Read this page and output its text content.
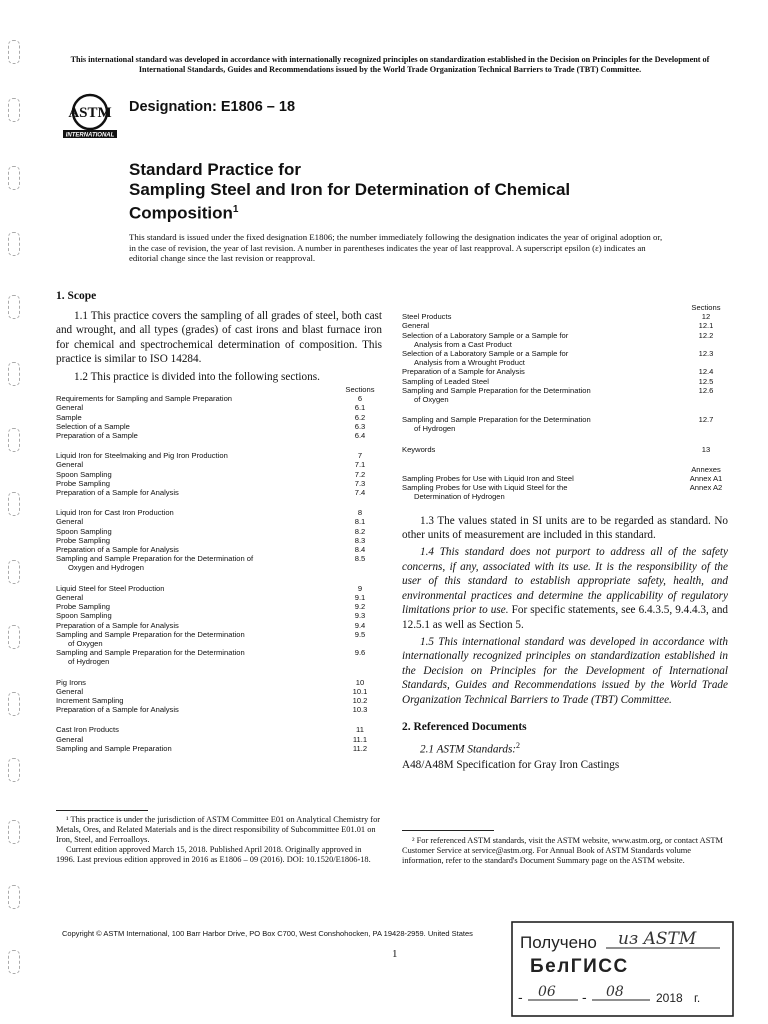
This international standard was developed in accordance with internationally recognized principles on standardization established in the Decision on Principles for the Development of International Standards, Guides and Recommendations issued by the World Trade Organization Technical Barriers to Trade (TBT) Committee.
ASTM
INTERNATIONAL
Designation: E1806 – 18
Standard Practice for
Sampling Steel and Iron for Determination of Chemical
Composition$^1$
This standard is issued under the fixed designation E1806; the number immediately following the designation indicates the year of original adoption or, in the case of revision, the year of last revision. A number in parentheses indicates the year of last reapproval. A superscript epsilon (ε) indicates an editorial change since the last revision or reapproval.
1. Scope

1.1 This practice covers the sampling of all grades of steel, both cast and wrought, and all types (grades) of cast irons and blast furnace iron for chemical and spectrochemical determination of composition. This practice is similar to ISO 14284.

1.2 This practice is divided into the following sections.

Sections
Requirements for Sampling and Sample Preparation	6
General	6.1
Sample	6.2
Selection of a Sample	6.3
Preparation of a Sample	6.4
Liquid Iron for Steelmaking and Pig Iron Production	7
General	7.1
Spoon Sampling	7.2
Probe Sampling	7.3
Preparation of a Sample for Analysis	7.4
Liquid Iron for Cast Iron Production	8
General	8.1
Spoon Sampling	8.2
Probe Sampling	8.3
Preparation of a Sample for Analysis	8.4
Sampling and Sample Preparation for the Determination of	8.5
Oxygen and Hydrogen
Liquid Steel for Steel Production	9
General	9.1
Probe Sampling	9.2
Spoon Sampling	9.3
Preparation of a Sample for Analysis	9.4
Sampling and Sample Preparation for the Determination	9.5
of Oxygen
Sampling and Sample Preparation for the Determination	9.6
of Hydrogen
Pig Irons	10
General	10.1
Increment Sampling	10.2
Preparation of a Sample for Analysis	10.3
Cast Iron Products	11
General	11.1
Sampling and Sample Preparation	11.2
¹ This practice is under the jurisdiction of ASTM Committee E01 on Analytical Chemistry for Metals, Ores, and Related Materials and is the direct responsibility of Subcommittee E01.01 on Iron, Steel, and Ferroalloys.
Current edition approved March 15, 2018. Published April 2018. Originally approved in 1996. Last previous edition approved in 2016 as E1806 – 09 (2016). DOI: 10.1520/E1806-18.
Sections
Steel Products	12
General	12.1
Selection of a Laboratory Sample or a Sample for	12.2
Analysis from a Cast Product
Selection of a Laboratory Sample or a Sample for	12.3
Analysis from a Wrought Product
Preparation of a Sample for Analysis	12.4
Sampling of Leaded Steel	12.5
Sampling and Sample Preparation for the Determination	12.6
of Oxygen
Sampling and Sample Preparation for the Determination	12.7
of Hydrogen
Keywords	13
Annexes
Sampling Probes for Use with Liquid Iron and Steel	Annex A1
Sampling Probes for Use with Liquid Steel for the	Annex A2
Determination of Hydrogen

1.3 The values stated in SI units are to be regarded as standard. No other units of measurement are included in this standard.

1.4 This standard does not purport to address all of the safety concerns, if any, associated with its use. It is the responsibility of the user of this standard to establish appropriate safety, health, and environmental practices and determine the applicability of regulatory limitations prior to use. For specific statements, see 6.4.3.5, 9.4.4.3, and 12.5.1 as well as Section 5.

1.5 This international standard was developed in accordance with internationally recognized principles on standardization established in the Decision on Principles for the Development of International Standards, Guides and Recommendations issued by the World Trade Organization Technical Barriers to Trade (TBT) Committee.

2. Referenced Documents

2.1 ASTM Standards:$^2$

A48/A48M Specification for Gray Iron Castings

² For referenced ASTM standards, visit the ASTM website, www.astm.org, or contact ASTM Customer Service at service@astm.org. For Annual Book of ASTM Standards volume information, refer to the standard's Document Summary page on the ASTM website.
Copyright © ASTM International, 100 Barr Harbor Drive, PO Box C700, West Conshohocken, PA 19428-2959. United States
1
Получено из ASTM
БелГИСС
- 06 - 08	2018 г.
